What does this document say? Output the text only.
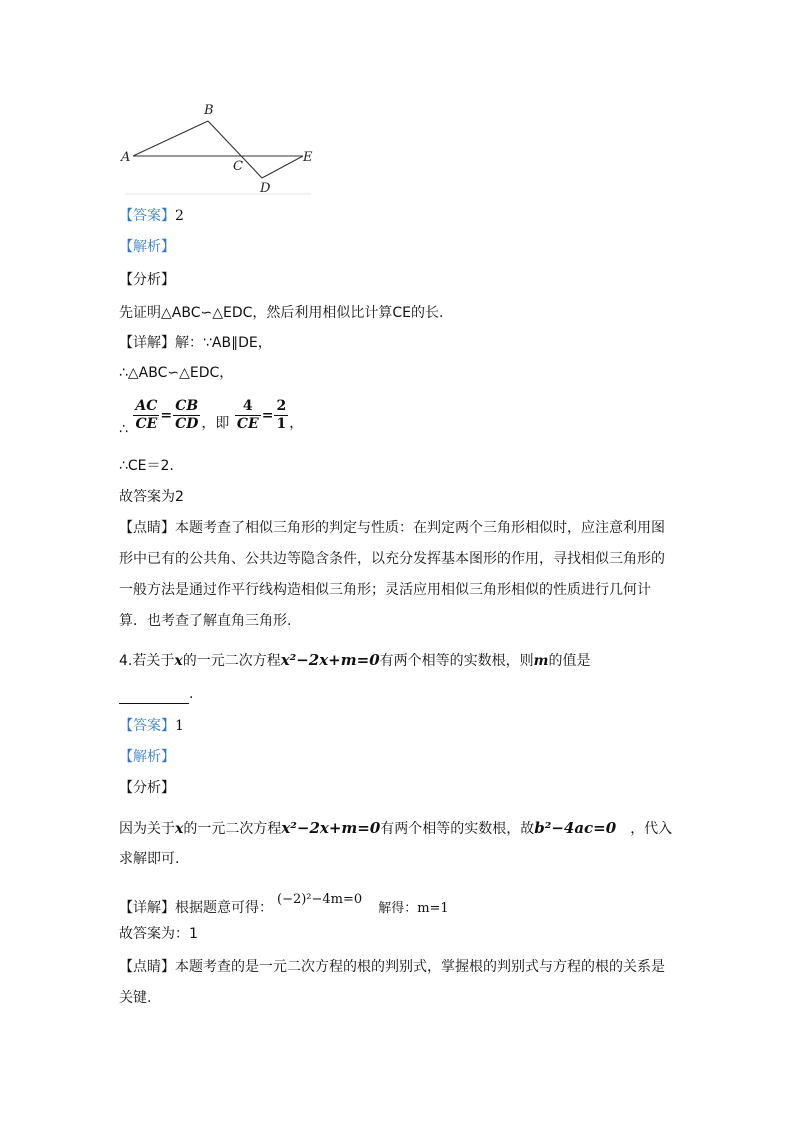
A
B
C
D
E
【答案】2
【解析】
【分析】
先证明△ABC∽△EDC，然后利用相似比计算CE的长.
【详解】解：∵AB∥DE，
∴△ABC∽△EDC，
∴ $\frac{AC}{CE} = \frac{CB}{CD}$ ，即 $\frac{4}{CE} = \frac{2}{1}$ ，
∴CE＝2.
故答案为2
【点睛】本题考查了相似三角形的判定与性质：在判定两个三角形相似时，应注意利用图
形中已有的公共角、公共边等隐含条件，以充分发挥基本图形的作用，寻找相似三角形的
一般方法是通过作平行线构造相似三角形；灵活应用相似三角形相似的性质进行几何计
算．也考查了解直角三角形.
4.若关于x的一元二次方程x²−2x+m=0有两个相等的实数根，则m的值是
.
【答案】1
【解析】
【分析】
因为关于x的一元二次方程x²−2x+m=0有两个相等的实数根，故b²−4ac=0 ，代入
求解即可.
【详解】根据题意可得：(−2)²−4m=0解得：m=1
故答案为：1
【点睛】本题考查的是一元二次方程的根的判别式，掌握根的判别式与方程的根的关系是
关键.
